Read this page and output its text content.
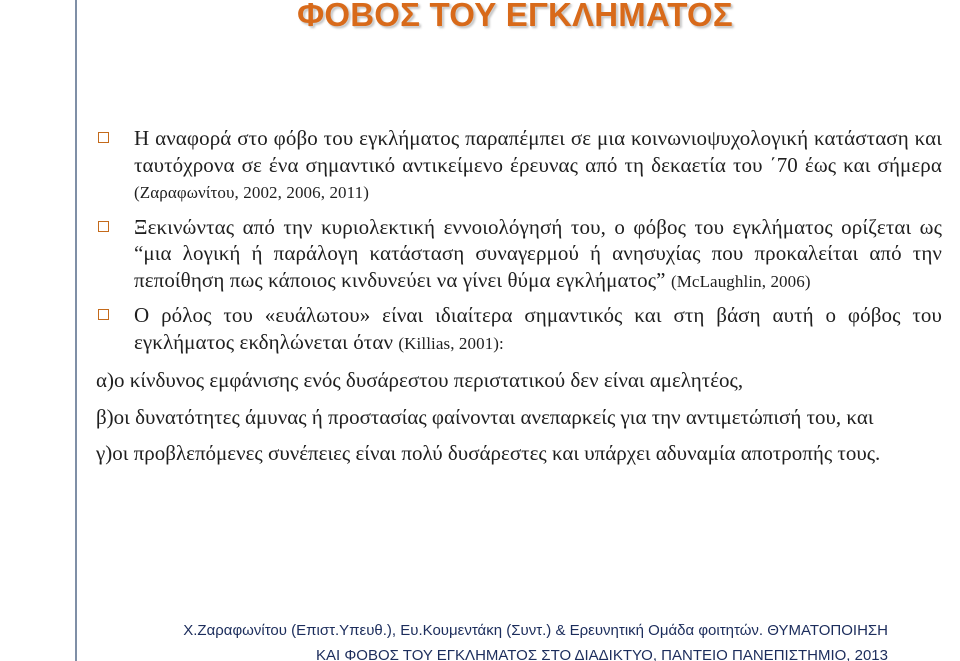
ΦΟΒΟΣ ΤΟΥ ΕΓΚΛΗΜΑΤΟΣ
Η αναφορά στο φόβο του εγκλήματος παραπέμπει σε μια κοινωνιοψυχολογική κατάσταση και ταυτόχρονα σε ένα σημαντικό αντικείμενο έρευνας από τη δεκαετία του ΄70 έως και σήμερα (Ζαραφωνίτου, 2002, 2006, 2011)
Ξεκινώντας από την κυριολεκτική εννοιολόγησή του, ο φόβος του εγκλήματος ορίζεται ως “μια λογική ή παράλογη κατάσταση συναγερμού ή ανησυχίας που προκαλείται από την πεποίθηση πως κάποιος κινδυνεύει να γίνει θύμα εγκλήματος” (McLaughlin, 2006)
Ο ρόλος του «ευάλωτου» είναι ιδιαίτερα σημαντικός και στη βάση αυτή ο φόβος του εγκλήματος εκδηλώνεται όταν (Killias, 2001):
α)ο κίνδυνος εμφάνισης ενός δυσάρεστου περιστατικού δεν είναι αμελητέος,
β)οι δυνατότητες άμυνας ή προστασίας φαίνονται ανεπαρκείς για την αντιμετώπισή του, και
γ)οι προβλεπόμενες συνέπειες είναι πολύ δυσάρεστες και υπάρχει αδυναμία αποτροπής τους.
Χ.Ζαραφωνίτου (Επιστ.Υπευθ.), Ευ.Κουμεντάκη (Συντ.) & Ερευνητική Ομάδα φοιτητών. ΘΥΜΑΤΟΠΟΙΗΣΗ
ΚΑΙ ΦΟΒΟΣ ΤΟΥ ΕΓΚΛΗΜΑΤΟΣ ΣΤΟ ΔΙΑΔΙΚΤΥΟ, ΠΑΝΤΕΙΟ ΠΑΝΕΠΙΣΤΗΜΙΟ, 2013
